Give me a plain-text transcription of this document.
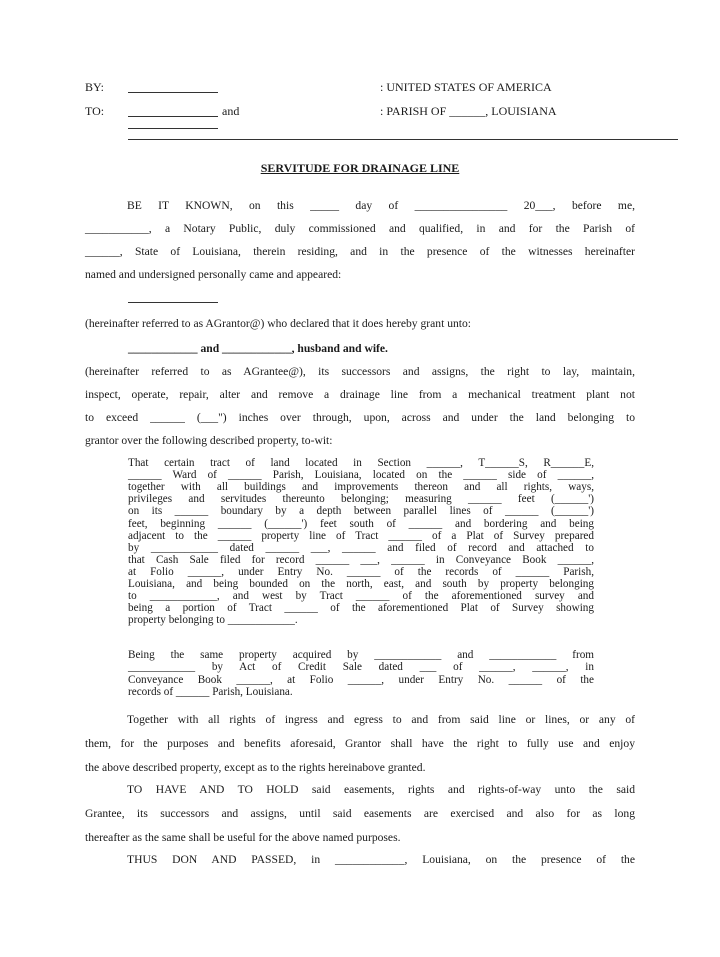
BY:	: UNITED STATES OF AMERICA
TO:	and	: PARISH OF ______, LOUISIANA
SERVITUDE FOR DRAINAGE LINE
BE IT KNOWN, on this _____ day of ________________ 20___, before me,
___________, a Notary Public, duly commissioned and qualified, in and for the Parish of
______, State of Louisiana, therein residing, and in the presence of the witnesses hereinafter
named and undersigned personally came and appeared:
(hereinafter referred to as AGrantor@) who declared that it does hereby grant unto:
____________ and ____________, husband and wife.
(hereinafter referred to as AGrantee@), its successors and assigns, the right to lay, maintain,
inspect, operate, repair, alter and remove a drainage line from a mechanical treatment plant not
to exceed ______ (___") inches over through, upon, across and under the land belonging to
grantor over the following described property, to-wit:
That certain tract of land located in Section ______, T______S, R______E,
______ Ward of ______ Parish, Louisiana, located on the ______ side of ______,
together with all buildings and improvements thereon and all rights, ways,
privileges and servitudes thereunto belonging; measuring ______ feet (______')
on its ______ boundary by a depth between parallel lines of ______ (______')
feet, beginning ______ (______') feet south of ______ and bordering and being
adjacent to the ______ property line of Tract ______ of a Plat of Survey prepared
by ____________ dated ______ ___, ______ and filed of record and attached to
that Cash Sale filed for record ______ ___, ______ in Conveyance Book ______,
at Folio ______, under Entry No. ______ of the records of ______ Parish,
Louisiana, and being bounded on the north, east, and south by property belonging
to ____________, and west by Tract ______ of the aforementioned survey and
being a portion of Tract ______ of the aforementioned Plat of Survey showing
property belonging to ____________.
Being the same property acquired by ____________ and ____________ from
____________ by Act of Credit Sale dated ___ of ______, ______, in
Conveyance Book ______, at Folio ______, under Entry No. ______ of the
records of ______ Parish, Louisiana.
Together with all rights of ingress and egress to and from said line or lines, or any of
them, for the purposes and benefits aforesaid, Grantor shall have the right to fully use and enjoy
the above described property, except as to the rights hereinabove granted.
TO HAVE AND TO HOLD said easements, rights and rights-of-way unto the said
Grantee, its successors and assigns, until said easements are exercised and also for as long
thereafter as the same shall be useful for the above named purposes.
THUS DON AND PASSED, in ____________, Louisiana, on the presence of the
